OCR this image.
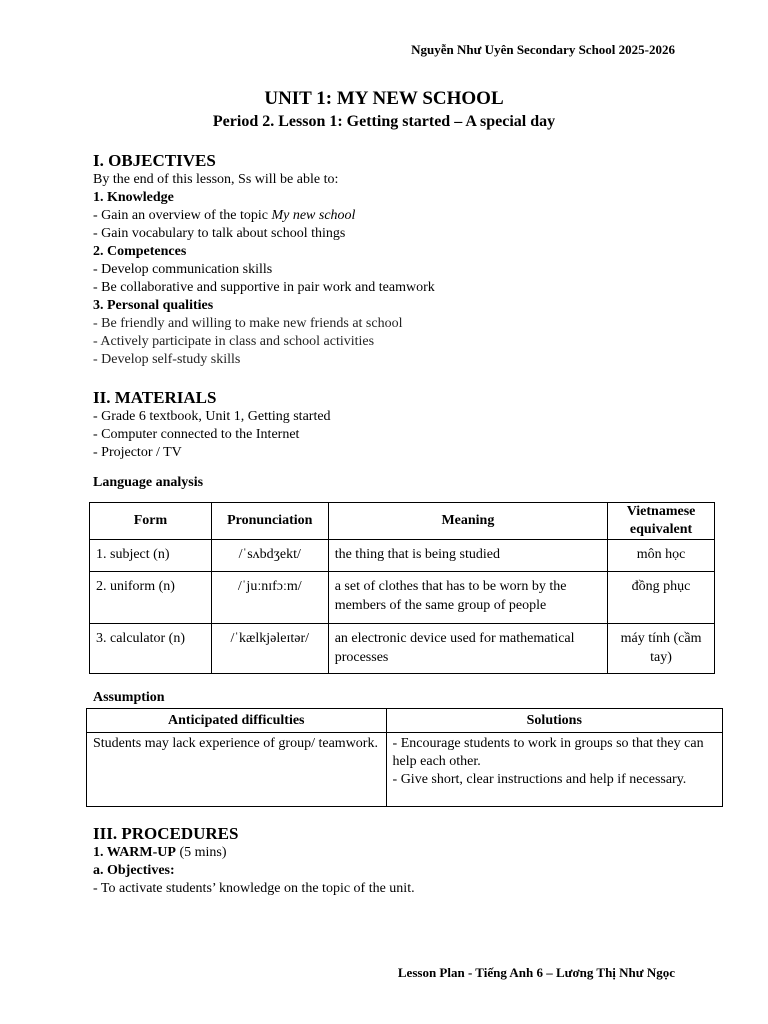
Nguyễn Như Uyên Secondary School 2025-2026
UNIT 1: MY NEW SCHOOL
Period 2. Lesson 1: Getting started – A special day
I. OBJECTIVES

By the end of this lesson, Ss will be able to:

1. Knowledge

- Gain an overview of the topic My new school

- Gain vocabulary to talk about school things

2. Competences

- Develop communication skills

- Be collaborative and supportive in pair work and teamwork

3. Personal qualities

- Be friendly and willing to make new friends at school

- Actively participate in class and school activities

- Develop self-study skills

II. MATERIALS

- Grade 6 textbook, Unit 1, Getting started

- Computer connected to the Internet

- Projector / TV

Language analysis
Form	Pronunciation	Meaning	Vietnamese equivalent
1. subject (n)	/ˈsʌbdʒekt/	the thing that is being studied	môn học
2. uniform (n)	/ˈjuːnɪfɔːm/	a set of clothes that has to be worn by the members of the same group of people	đồng phục
3. calculator (n)	/ˈkælkjəleɪtər/	an electronic device used for mathematical processes	máy tính (cầm tay)
Assumption
Anticipated difficulties	Solutions
Students may lack experience of group/ teamwork.	- Encourage students to work in groups so that they can help each other.
- Give short, clear instructions and help if necessary.
III. PROCEDURES

1. WARM-UP (5 mins)

a. Objectives:

- To activate students’ knowledge on the topic of the unit.

Lesson Plan - Tiếng Anh 6 – Lương Thị Như Ngọc
